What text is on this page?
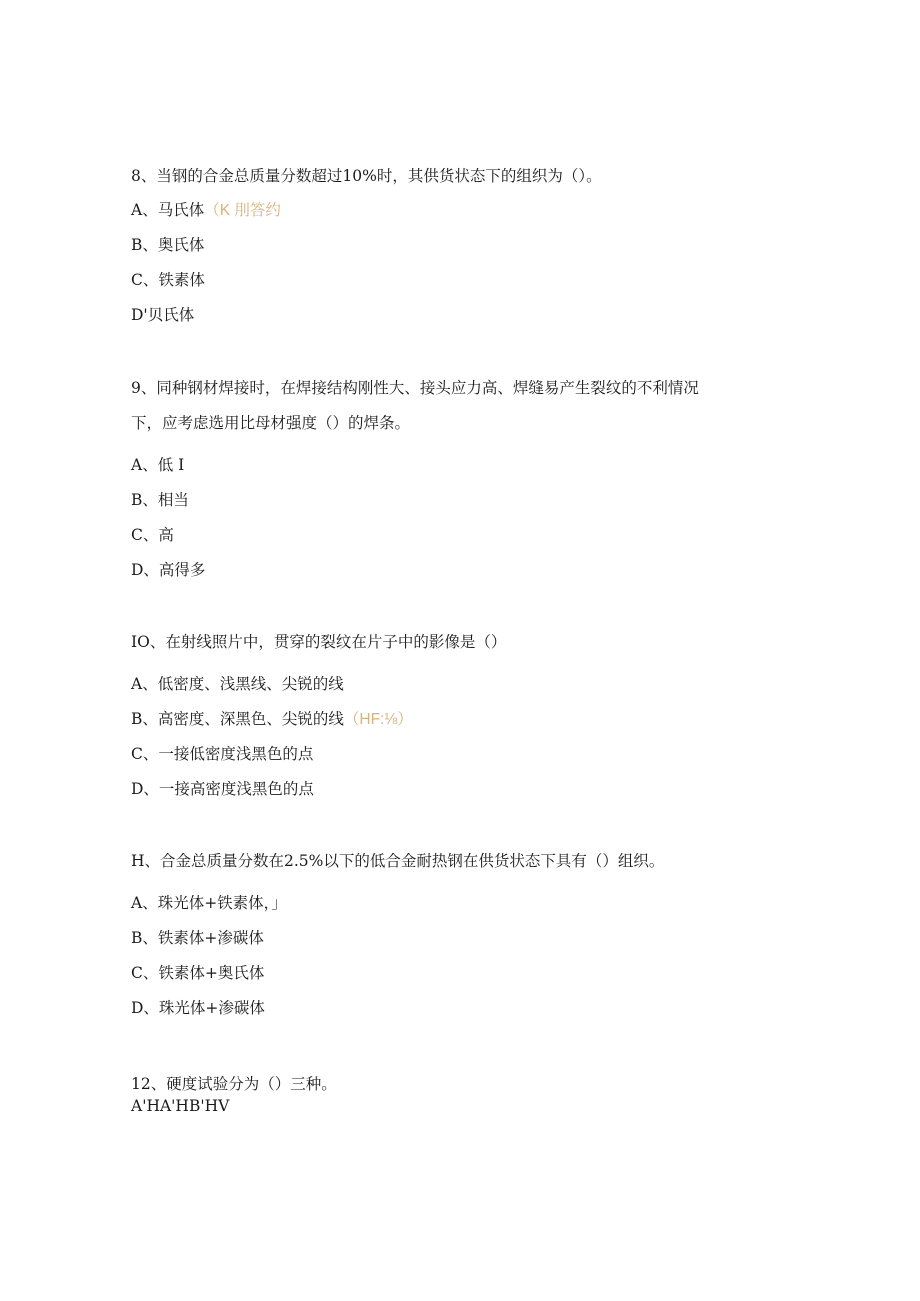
8、当钢的合金总质量分数超过10%时，其供货状态下的组织为（）。
A、马氏体（K 刖答约
B、奥氏体
C、铁素体
D'贝氏体
9、同种钢材焊接时，在焊接结构刚性大、接头应力高、焊缝易产生裂纹的不利情况
下，应考虑选用比母材强度（）的焊条。
A、低 I
B、相当
C、高
D、高得多
IO、在射线照片中，贯穿的裂纹在片子中的影像是（）
A、低密度、浅黑线、尖锐的线
B、高密度、深黑色、尖锐的线（HF:⅛）
C、一接低密度浅黑色的点
D、一接高密度浅黑色的点
H、合金总质量分数在2.5%以下的低合金耐热钢在供货状态下具有（）组织。
A、珠光体+铁素体，」
B、铁素体+渗碳体
C、铁素体+奥氏体
D、珠光体+渗碳体
12、硬度试验分为（）三种。
A'HA'HB'HV
